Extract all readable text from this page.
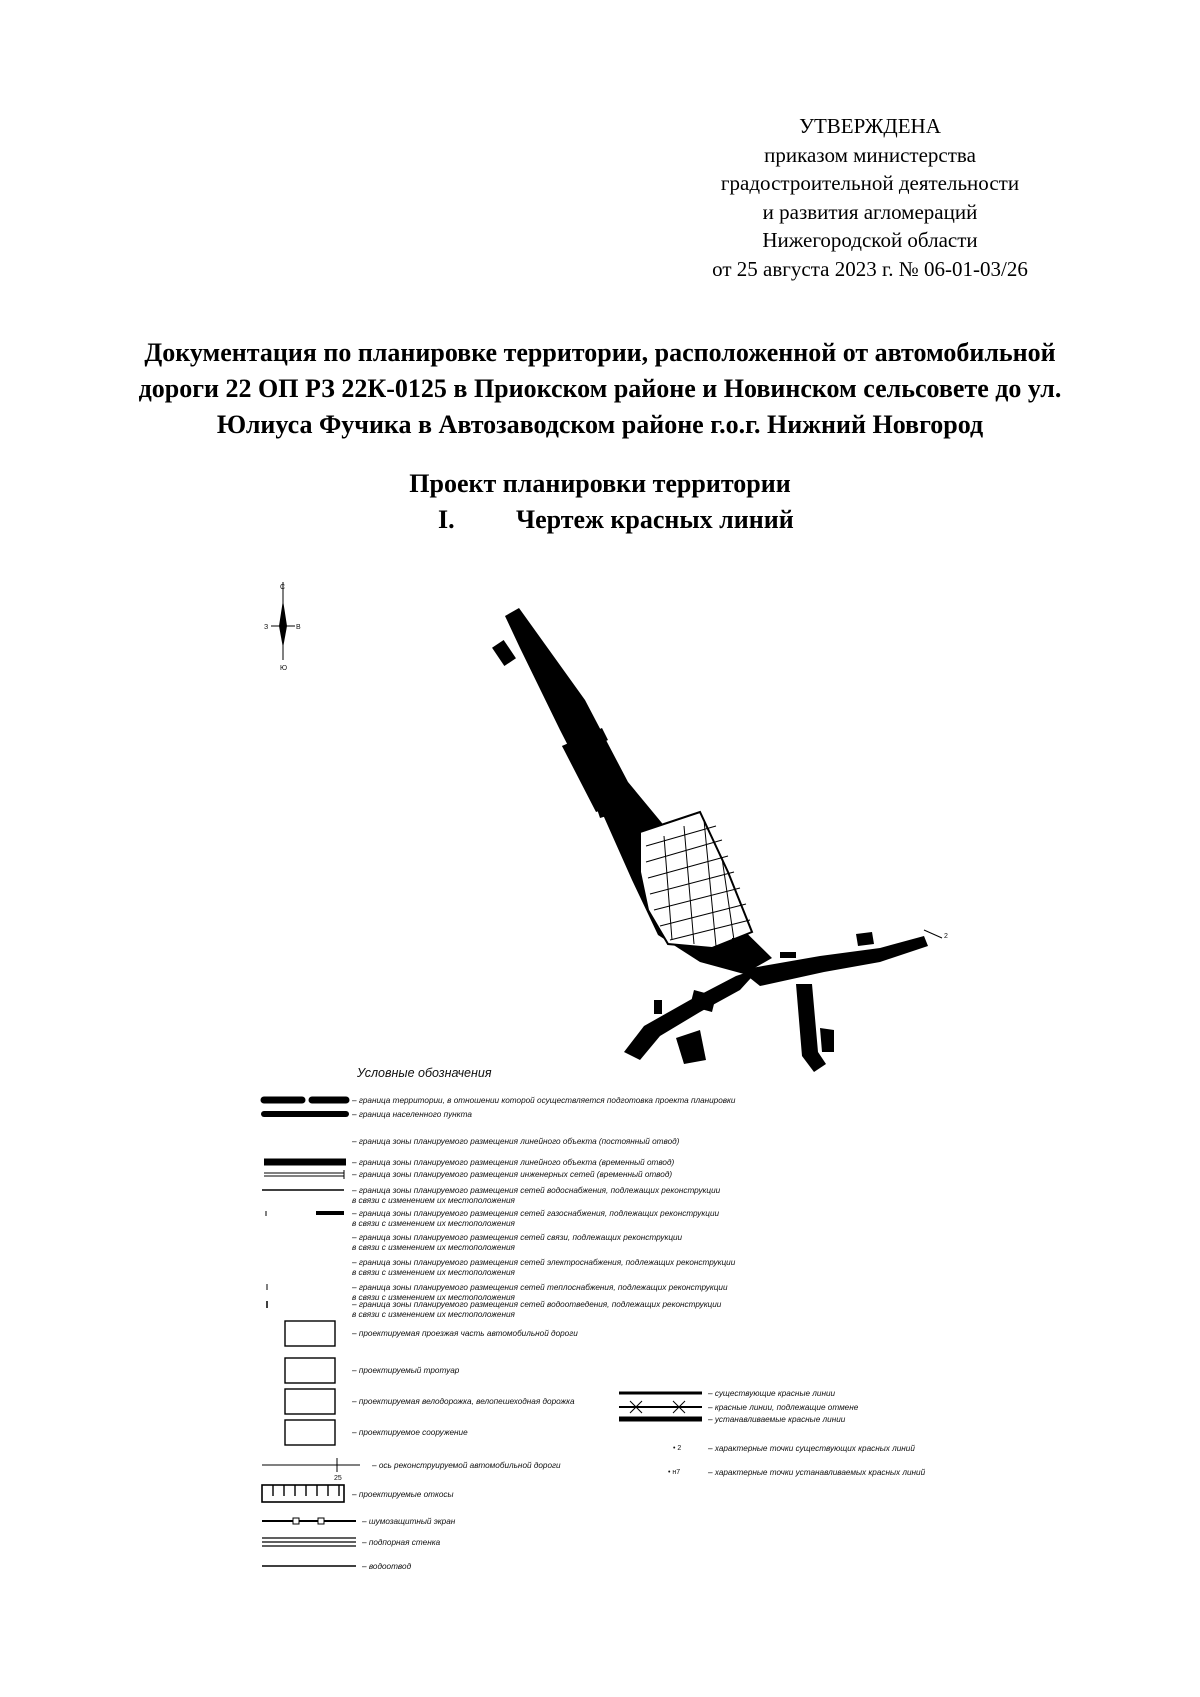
УТВЕРЖДЕНА
приказом министерства
градостроительной деятельности
и развития агломераций
Нижегородской области
от 25 августа 2023 г. № 06-01-03/26
Документация по планировке территории, расположенной от автомобильной
дороги 22 ОП РЗ 22К-0125 в Приокском районе и Новинском сельсовете до ул.
Юлиуса Фучика в Автозаводском районе г.о.г. Нижний Новгород
Проект планировки территории
I. Чертеж красных линий
С
З	В
Ю
2
Условные обозначения
– граница территории, в отношении которой осуществляется подготовка проекта планировки
– граница населенного пункта
– граница зоны планируемого размещения линейного объекта (постоянный отвод)
– граница зоны планируемого размещения линейного объекта (временный отвод)
– граница зоны планируемого размещения инженерных сетей (временный отвод)
– граница зоны планируемого размещения сетей водоснабжения, подлежащих реконструкции
в связи с изменением их местоположения
– граница зоны планируемого размещения сетей газоснабжения, подлежащих реконструкции
в связи с изменением их местоположения
– граница зоны планируемого размещения сетей связи, подлежащих реконструкции
в связи с изменением их местоположения
– граница зоны планируемого размещения сетей электроснабжения, подлежащих реконструкции
в связи с изменением их местоположения
– граница зоны планируемого размещения сетей теплоснабжения, подлежащих реконструкции
в связи с изменением их местоположения
– граница зоны планируемого размещения сетей водоотведения, подлежащих реконструкции
в связи с изменением их местоположения
– проектируемая проезжая часть автомобильной дороги
– проектируемый тротуар
– проектируемая велодорожка, велопешеходная дорожка
– проектируемое сооружение
25
– ось реконструируемой автомобильной дороги
– проектируемые откосы
– шумозащитный экран
– подпорная стенка
– водоотвод
– существующие красные линии
– красные линии, подлежащие отмене
– устанавливаемые красные линии
• 2	– характерные точки существующих красных линий
• н7	– характерные точки устанавливаемых красных линий
